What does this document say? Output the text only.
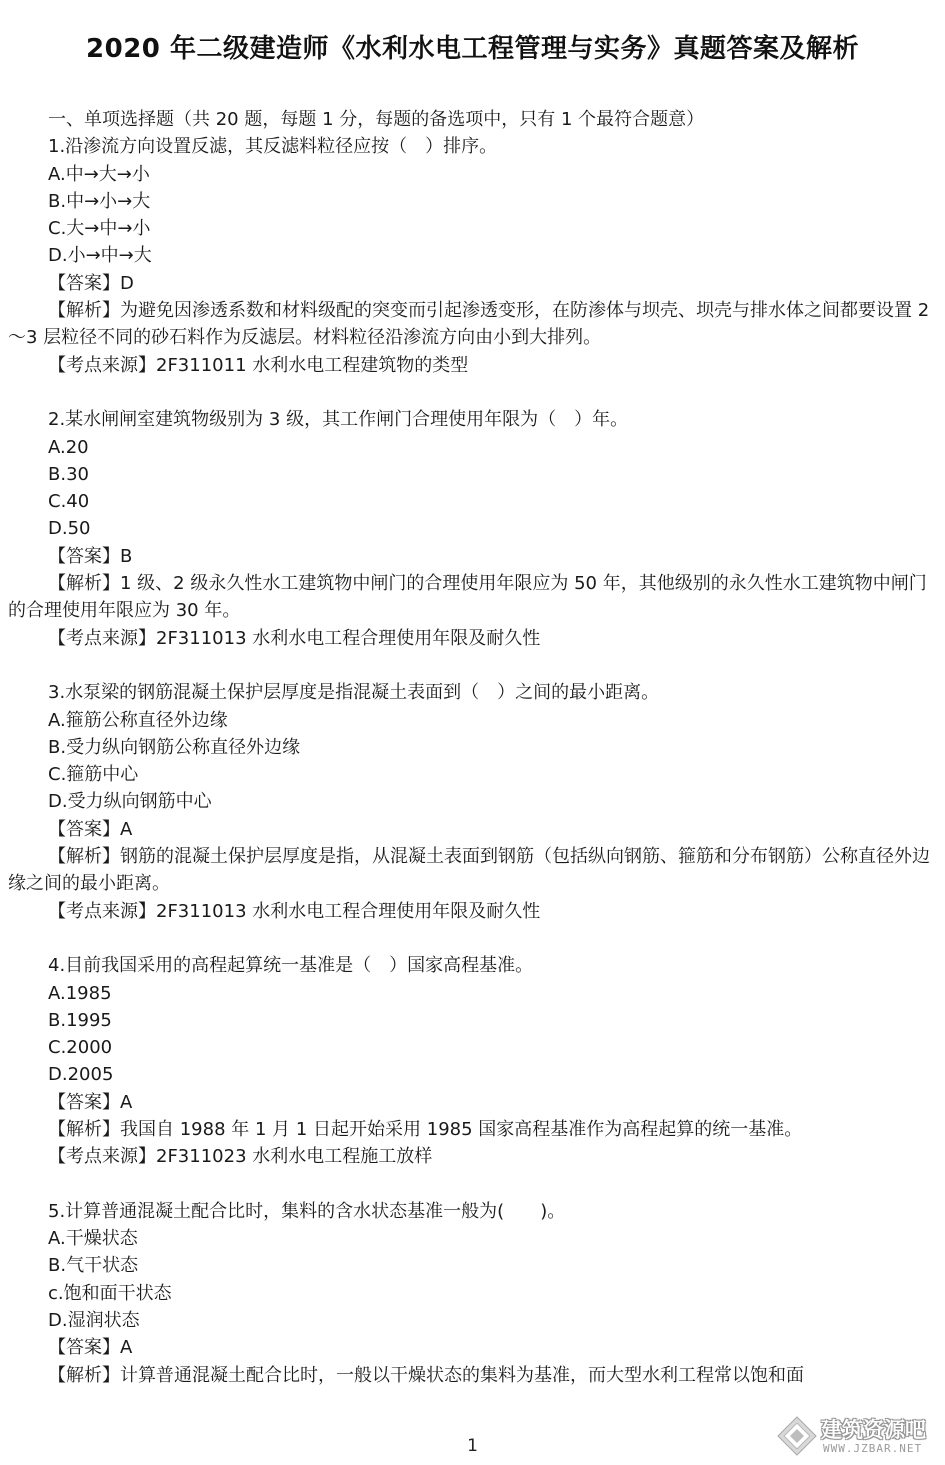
2020 年二级建造师《水利水电工程管理与实务》真题答案及解析
一、单项选择题（共 20 题，每题 1 分，每题的备选项中，只有 1 个最符合题意）
1.沿渗流方向设置反滤，其反滤料粒径应按（　）排序。
A.中→大→小
B.中→小→大
C.大→中→小
D.小→中→大
【答案】D
【解析】为避免因渗透系数和材料级配的突变而引起渗透变形，在防渗体与坝壳、坝壳与排水体之间都要设置 2～3 层粒径不同的砂石料作为反滤层。材料粒径沿渗流方向由小到大排列。
【考点来源】2F311011 水利水电工程建筑物的类型
2.某水闸闸室建筑物级别为 3 级，其工作闸门合理使用年限为（　）年。
A.20
B.30
C.40
D.50
【答案】B
【解析】1 级、2 级永久性水工建筑物中闸门的合理使用年限应为 50 年，其他级别的永久性水工建筑物中闸门的合理使用年限应为 30 年。
【考点来源】2F311013 水利水电工程合理使用年限及耐久性
3.水泵梁的钢筋混凝土保护层厚度是指混凝土表面到（　）之间的最小距离。
A.箍筋公称直径外边缘
B.受力纵向钢筋公称直径外边缘
C.箍筋中心
D.受力纵向钢筋中心
【答案】A
【解析】钢筋的混凝土保护层厚度是指，从混凝土表面到钢筋（包括纵向钢筋、箍筋和分布钢筋）公称直径外边缘之间的最小距离。
【考点来源】2F311013 水利水电工程合理使用年限及耐久性
4.目前我国采用的高程起算统一基准是（　）国家高程基准。
A.1985
B.1995
C.2000
D.2005
【答案】A
【解析】我国自 1988 年 1 月 1 日起开始采用 1985 国家高程基准作为高程起算的统一基准。
【考点来源】2F311023 水利水电工程施工放样
5.计算普通混凝土配合比时，集料的含水状态基准一般为(　　)。
A.干燥状态
B.气干状态
c.饱和面干状态
D.湿润状态
【答案】A
【解析】计算普通混凝土配合比时，一般以干燥状态的集料为基准，而大型水利工程常以饱和面
1
建筑资源吧
WWW.JZBAR.NET
